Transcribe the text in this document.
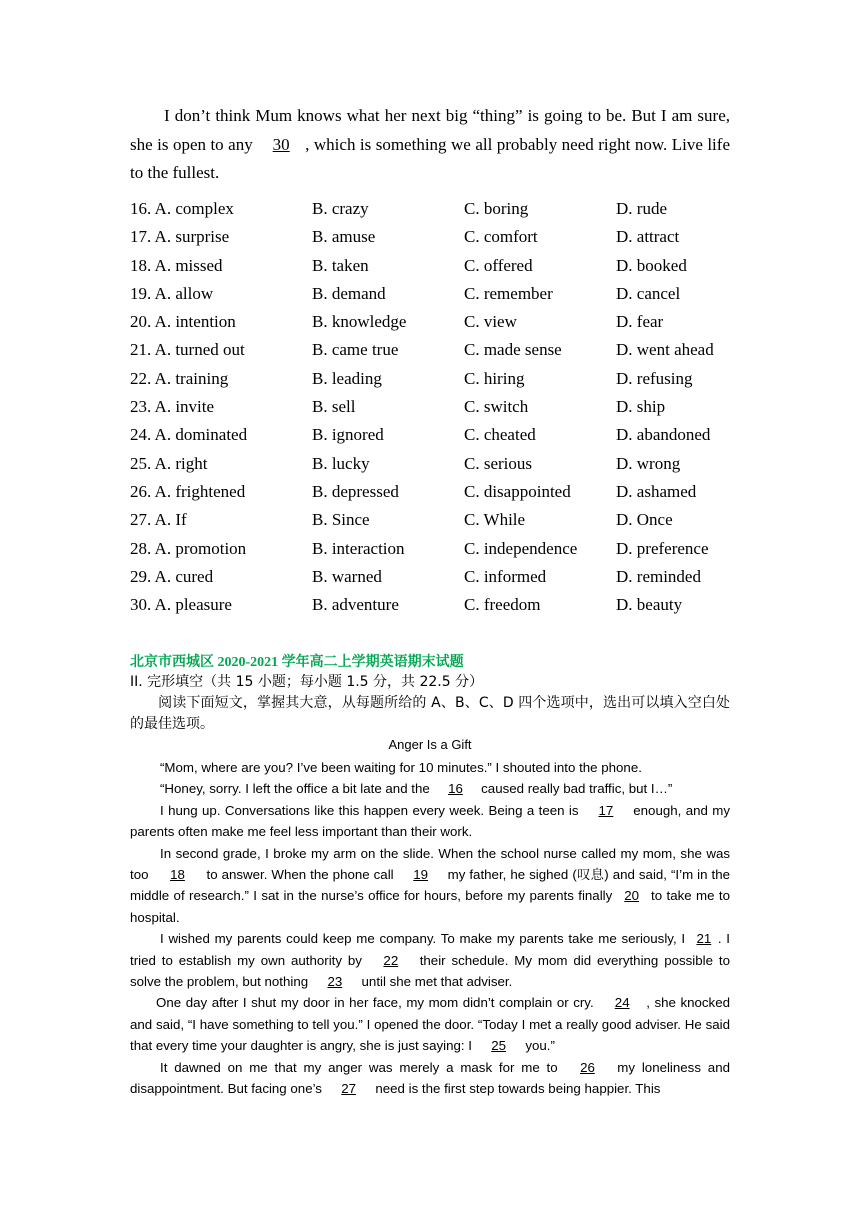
I don’t think Mum knows what her next big “thing” is going to be. But I am sure, she is open to any 30 , which is something we all probably need right now. Live life to the fullest.
16. A. complex	B. crazy	C. boring	D. rude
17. A. surprise	B. amuse	C. comfort	D. attract
18. A. missed	B. taken	C. offered	D. booked
19. A. allow	B. demand	C. remember	D. cancel
20. A. intention	B. knowledge	C. view	D. fear
21. A. turned out	B. came true	C. made sense	D. went ahead
22. A. training	B. leading	C. hiring	D. refusing
23. A. invite	B. sell	C. switch	D. ship
24. A. dominated	B. ignored	C. cheated	D. abandoned
25. A. right	B. lucky	C. serious	D. wrong
26. A. frightened	B. depressed	C. disappointed	D. ashamed
27. A. If	B. Since	C. While	D. Once
28. A. promotion	B. interaction	C. independence	D. preference
29. A. cured	B. warned	C. informed	D. reminded
30. A. pleasure	B. adventure	C. freedom	D. beauty
北京市西城区 2020-2021 学年高二上学期英语期末试题
II. 完形填空（共 15 小题；每小题 1.5 分，共 22.5 分）
阅读下面短文，掌握其大意，从每题所给的 A、B、C、D 四个选项中，选出可以填入空白处的最佳选项。
Anger Is a Gift

“Mom, where are you? I’ve been waiting for 10 minutes.” I shouted into the phone.

“Honey, sorry. I left the office a bit late and the 16 caused really bad traffic, but I…”

I hung up. Conversations like this happen every week. Being a teen is 17 enough, and my parents often make me feel less important than their work.

In second grade, I broke my arm on the slide. When the school nurse called my mom, she was too 18 to answer. When the phone call 19 my father, he sighed (叹息) and said, “I’m in the middle of research.” I sat in the nurse’s office for hours, before my parents finally 20 to take me to hospital.

I wished my parents could keep me company. To make my parents take me seriously, I 21 . I tried to establish my own authority by 22 their schedule. My mom did everything possible to solve the problem, but nothing 23 until she met that adviser.

One day after I shut my door in her face, my mom didn’t complain or cry. 24 , she knocked and said, “I have something to tell you.” I opened the door. “Today I met a really good adviser. He said that every time your daughter is angry, she is just saying: I 25 you.”

It dawned on me that my anger was merely a mask for me to 26 my loneliness and disappointment. But facing one’s 27 need is the first step towards being happier. This
